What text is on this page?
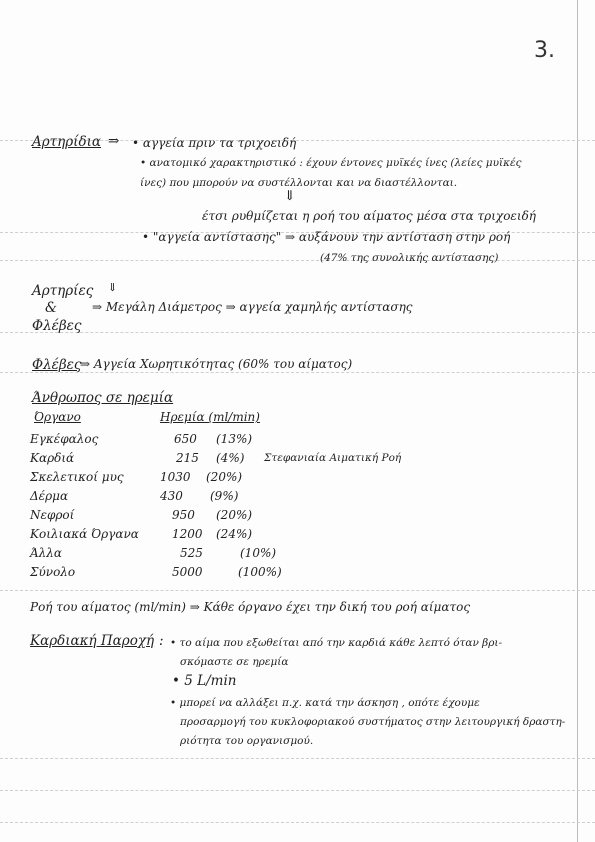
3.
Αρτηρίδια ⇒ • αγγεία πριν τα τριχοειδή
• ανατομικό χαρακτηριστικό : έχουν έντονες μυϊκές ίνες (λείες μυϊκές
ίνες) που μπορούν να συστέλλονται και να διαστέλλονται.
⇓
έτσι ρυθμίζεται η ροή του αίματος μέσα στα τριχοειδή
• "αγγεία αντίστασης" ⇒ αυξάνουν την αντίσταση στην ροή
(47% της συνολικής αντίστασης)
Αρτηρίες ⇓
&
Φλέβες
⇒ Μεγάλη Διάμετρος ⇒ αγγεία χαμηλής αντίστασης
Φλέβες
⇒ Αγγεία Χωρητικότητας (60% του αίματος)
Άνθρωπος σε ηρεμία
Όργανο	Ηρεμία (ml/min)
Εγκέφαλος	650 (13%)
Καρδιά	215 (4%) Στεφανιαία Αιματική Ροή
Σκελετικοί μυς	1030 (20%)
Δέρμα	430 (9%)
Νεφροί	950 (20%)
Κοιλιακά Όργανα	1200 (24%)
Άλλα	525	(10%)
Σύνολο	5000	(100%)
Ροή του αίματος (ml/min) ⇒ Κάθε όργανο έχει την δική του ροή αίματος
Καρδιακή Παροχή : • το αίμα που εξωθείται από την καρδιά κάθε λεπτό όταν βρι-
σκόμαστε σε ηρεμία
• 5 L/min
• μπορεί να αλλάξει π.χ. κατά την άσκηση , οπότε έχουμε
προσαρμογή του κυκλοφοριακού συστήματος στην λειτουργική δραστη-
ριότητα του οργανισμού.
